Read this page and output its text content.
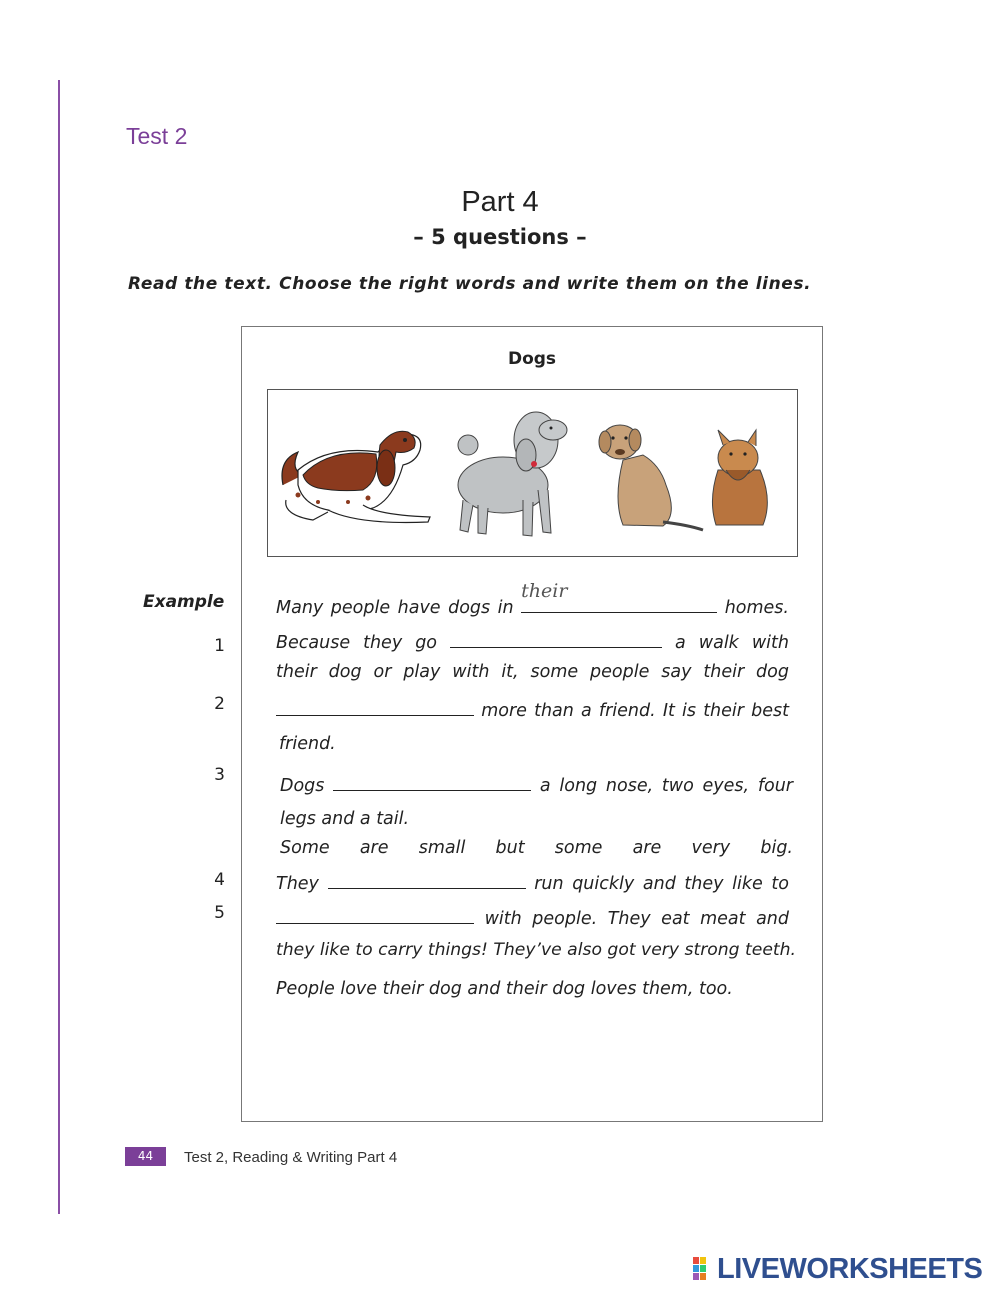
Test 2
Part 4
– 5 questions –
Read the text. Choose the right words and write them on the lines.
Dogs
Example
1
2
3
4
5
Many people have dogs in
their
homes.
Because they go	a walk with
their dog or play with it, some people say their dog
more than a friend. It is their best
friend.
Dogs	a long nose, two eyes, four
legs and a tail.
Some are small but some are very big.
They	run quickly and they like to
with people. They eat meat and
they like to carry things! They’ve also got very strong teeth.
People love their dog and their dog loves them, too.
44	Test 2, Reading & Writing Part 4
LIVEWORKSHEETS
